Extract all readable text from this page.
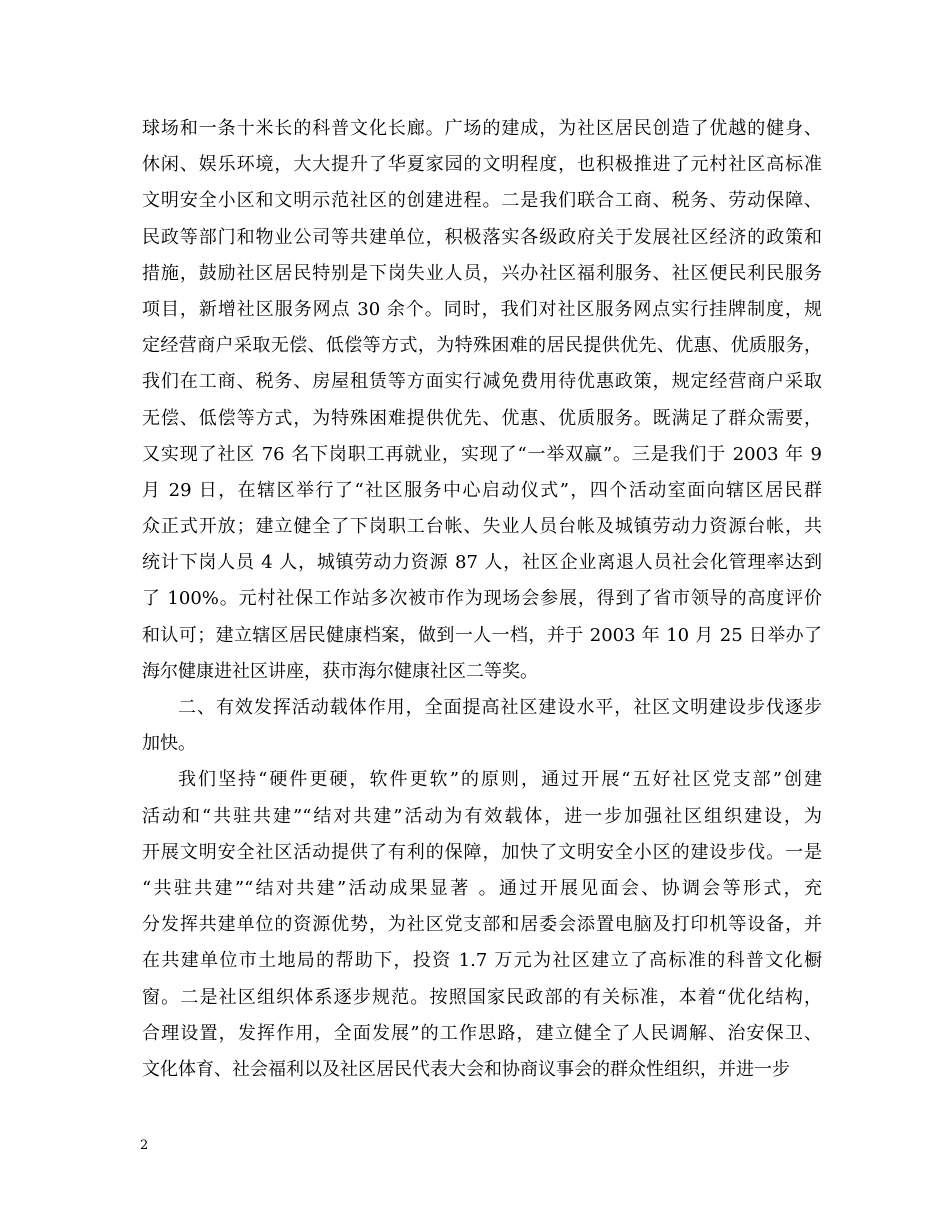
球场和一条十米长的科普文化长廊。广场的建成，为社区居民创造了优越的健身、
休闲、娱乐环境，大大提升了华夏家园的文明程度，也积极推进了元村社区高标准
文明安全小区和文明示范社区的创建进程。二是我们联合工商、税务、劳动保障、
民政等部门和物业公司等共建单位，积极落实各级政府关于发展社区经济的政策和
措施，鼓励社区居民特别是下岗失业人员，兴办社区福利服务、社区便民利民服务
项目，新增社区服务网点 30 余个。同时，我们对社区服务网点实行挂牌制度，规
定经营商户采取无偿、低偿等方式，为特殊困难的居民提供优先、优惠、优质服务，
我们在工商、税务、房屋租赁等方面实行减免费用待优惠政策，规定经营商户采取
无偿、低偿等方式，为特殊困难提供优先、优惠、优质服务。既满足了群众需要，
又实现了社区 76 名下岗职工再就业，实现了“一举双赢”。三是我们于 2003 年 9
月 29 日，在辖区举行了“社区服务中心启动仪式”，四个活动室面向辖区居民群
众正式开放；建立健全了下岗职工台帐、失业人员台帐及城镇劳动力资源台帐，共
统计下岗人员 4 人，城镇劳动力资源 87 人，社区企业离退人员社会化管理率达到
了 100%。元村社保工作站多次被市作为现场会参展，得到了省市领导的高度评价
和认可；建立辖区居民健康档案，做到一人一档，并于 2003 年 10 月 25 日举办了
海尔健康进社区讲座，获市海尔健康社区二等奖。
二、有效发挥活动载体作用，全面提高社区建设水平，社区文明建设步伐逐步
加快。
我们坚持“硬件更硬，软件更软”的原则，通过开展“五好社区党支部”创建
活动和“共驻共建”“结对共建”活动为有效载体，进一步加强社区组织建设，为
开展文明安全社区活动提供了有利的保障，加快了文明安全小区的建设步伐。一是
“共驻共建”“结对共建”活动成果显著 。通过开展见面会、协调会等形式，充
分发挥共建单位的资源优势，为社区党支部和居委会添置电脑及打印机等设备，并
在共建单位市土地局的帮助下，投资 1.7 万元为社区建立了高标准的科普文化橱
窗。二是社区组织体系逐步规范。按照国家民政部的有关标准，本着“优化结构，
合理设置，发挥作用，全面发展”的工作思路，建立健全了人民调解、治安保卫、
文化体育、社会福利以及社区居民代表大会和协商议事会的群众性组织，并进一步
2
